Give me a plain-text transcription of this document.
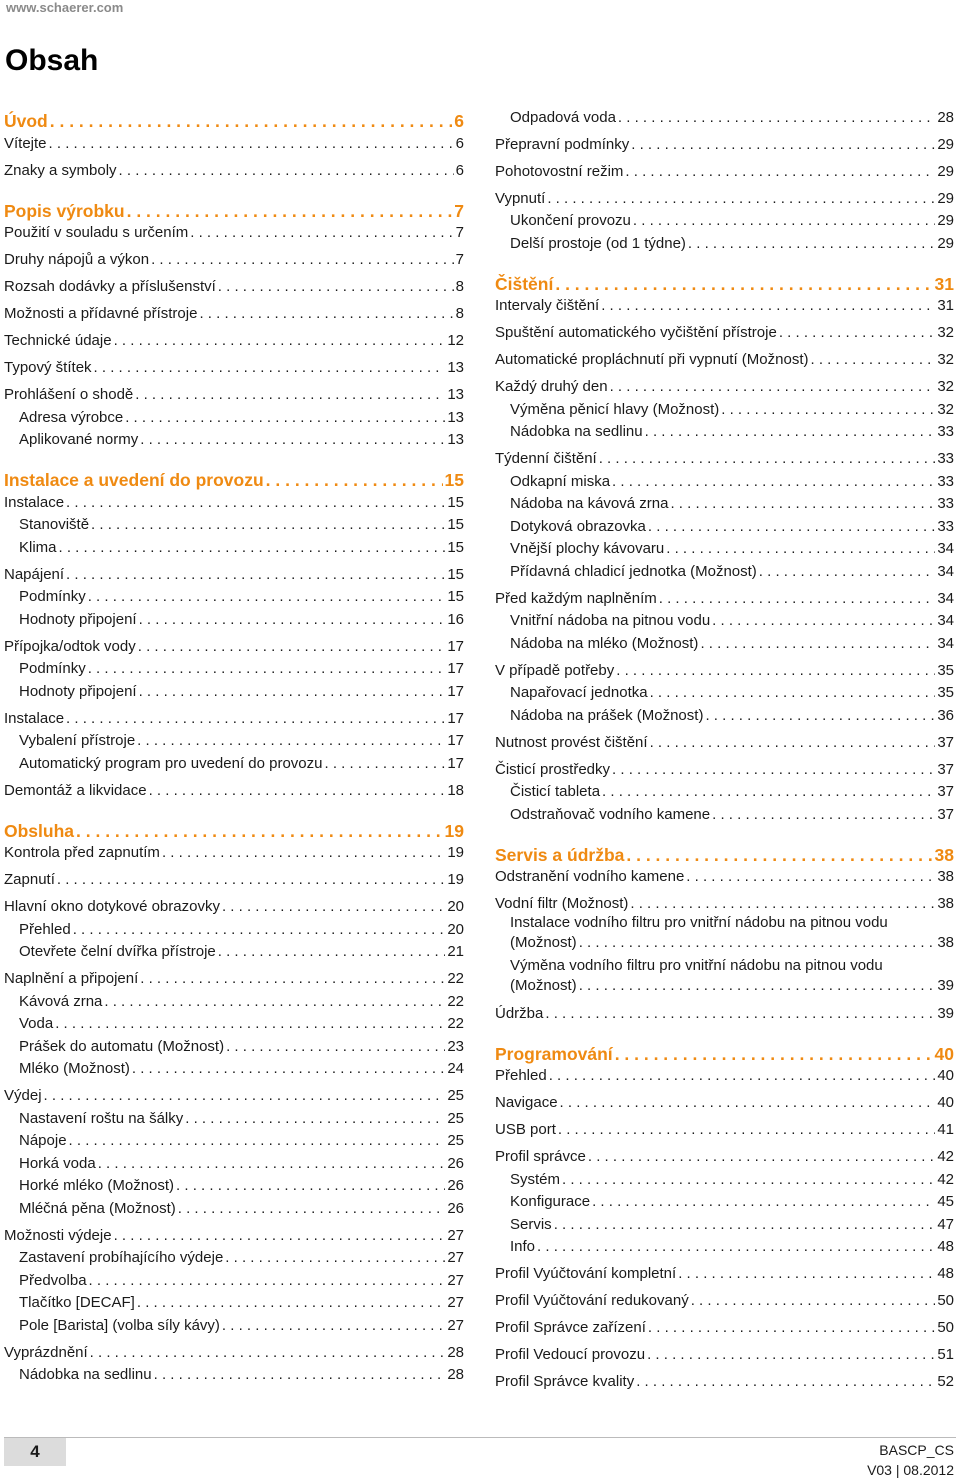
www.schaerer.com
Obsah
Úvod . . .	6
Vítejte . . .	6
Znaky a symboly . . .	6
Popis výrobku . . .	7
Použití v souladu s určením . . .	7
Druhy nápojů a výkon . . .	7
Rozsah dodávky a příslušenství . . .	8
Možnosti a přídavné přístroje . . .	8
Technické údaje . . .	12
Typový štítek . . .	13
Prohlášení o shodě . . .	13
Adresa výrobce . . .	13
Aplikované normy . . .	13
Instalace a uvedení do provozu . . .	15
Instalace . . .	15
Stanoviště . . .	15
Klima . . .	15
Napájení . . .	15
Podmínky . . .	15
Hodnoty připojení . . .	16
Přípojka/odtok vody . . .	17
Podmínky . . .	17
Hodnoty připojení . . .	17
Instalace . . .	17
Vybalení přístroje . . .	17
Automatický program pro uvedení do provozu . . .	17
Demontáž a likvidace . . .	18
Obsluha . . .	19
Kontrola před zapnutím . . .	19
Zapnutí . . .	19
Hlavní okno dotykové obrazovky . . .	20
Přehled . . .	20
Otevřete čelní dvířka přístroje . . .	21
Naplnění a připojení . . .	22
Kávová zrna . . .	22
Voda . . .	22
Prášek do automatu (Možnost) . . .	23
Mléko (Možnost) . . .	24
Výdej . . .	25
Nastavení roštu na šálky . . .	25
Nápoje . . .	25
Horká voda . . .	26
Horké mléko (Možnost) . . .	26
Mléčná pěna (Možnost) . . .	26
Možnosti výdeje . . .	27
Zastavení probíhajícího výdeje . . .	27
Předvolba . . .	27
Tlačítko [DECAF] . . .	27
Pole [Barista] (volba síly kávy) . . .	27
Vyprázdnění . . .	28
Nádobka na sedlinu . . .	28
Odpadová voda . . .	28
Přepravní podmínky . . .	29
Pohotovostní režim . . .	29
Vypnutí . . .	29
Ukončení provozu . . .	29
Delší prostoje (od 1 týdne) . . .	29
Čištění . . .	31
Intervaly čištění . . .	31
Spuštění automatického vyčištění přístroje . . .	32
Automatické propláchnutí při vypnutí (Možnost) . . .	32
Každý druhý den . . .	32
Výměna pěnicí hlavy (Možnost) . . .	32
Nádobka na sedlinu . . .	33
Týdenní čištění . . .	33
Odkapní miska . . .	33
Nádoba na kávová zrna . . .	33
Dotyková obrazovka . . .	33
Vnější plochy kávovaru . . .	34
Přídavná chladicí jednotka (Možnost) . . .	34
Před každým naplněním . . .	34
Vnitřní nádoba na pitnou vodu . . .	34
Nádoba na mléko (Možnost) . . .	34
V případě potřeby . . .	35
Napařovací jednotka . . .	35
Nádoba na prášek (Možnost) . . .	36
Nutnost provést čištění . . .	37
Čisticí prostředky . . .	37
Čisticí tableta . . .	37
Odstraňovač vodního kamene . . .	37
Servis a údržba . . .	38
Odstranění vodního kamene . . .	38
Vodní filtr (Možnost) . . .	38
Instalace vodního filtru pro vnitřní nádobu na pitnou vodu
(Možnost) . . .	38
Výměna vodního filtru pro vnitřní nádobu na pitnou vodu
(Možnost) . . .	39
Údržba . . .	39
Programování . . .	40
Přehled . . .	40
Navigace . . .	40
USB port . . .	41
Profil správce . . .	42
Systém . . .	42
Konfigurace . . .	45
Servis . . .	47
Info . . .	48
Profil Vyúčtování kompletní . . .	48
Profil Vyúčtování redukovaný . . .	50
Profil Správce zařízení . . .	50
Profil Vedoucí provozu . . .	51
Profil Správce kvality . . .	52
4	BASCP_CS
V03 | 08.2012
